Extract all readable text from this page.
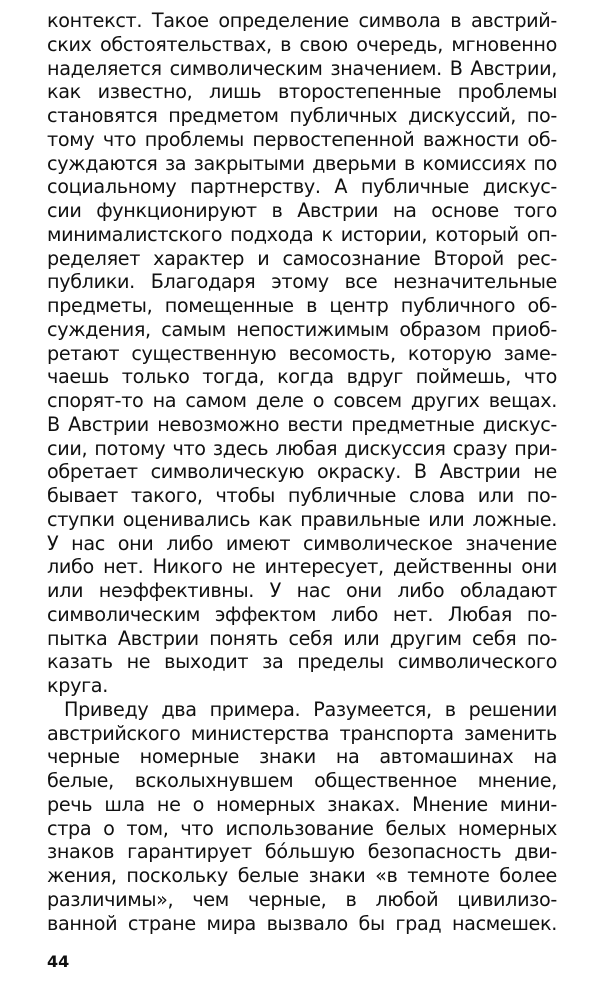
контекст. Такое определение символа в австрий-
ских обстоятельствах, в свою очередь, мгновенно
наделяется символическим значением. В Австрии,
как известно, лишь второстепенные проблемы
становятся предметом публичных дискуссий, по-
тому что проблемы первостепенной важности об-
суждаются за закрытыми дверьми в комиссиях по
социальному партнерству. А публичные дискус-
сии функционируют в Австрии на основе того
минималистского подхода к истории, который оп-
ределяет характер и самосознание Второй рес-
публики. Благодаря этому все незначительные
предметы, помещенные в центр публичного об-
суждения, самым непостижимым образом приоб-
ретают существенную весомость, которую заме-
чаешь только тогда, когда вдруг поймешь, что
спорят-то на самом деле о совсем других вещах.
В Австрии невозможно вести предметные дискус-
сии, потому что здесь любая дискуссия сразу при-
обретает символическую окраску. В Австрии не
бывает такого, чтобы публичные слова или по-
ступки оценивались как правильные или ложные.
У нас они либо имеют символическое значение
либо нет. Никого не интересует, действенны они
или неэффективны. У нас они либо обладают
символическим эффектом либо нет. Любая по-
пытка Австрии понять себя или другим себя по-
казать не выходит за пределы символического
круга.
Приведу два примера. Разумеется, в решении
австрийского министерства транспорта заменить
черные номерные знаки на автомашинах на
белые, всколыхнувшем общественное мнение,
речь шла не о номерных знаках. Мнение мини-
стра о том, что использование белых номерных
знаков гарантирует бóльшую безопасность дви-
жения, поскольку белые знаки «в темноте более
различимы», чем черные, в любой цивилизо-
ванной стране мира вызвало бы град насмешек.
44
